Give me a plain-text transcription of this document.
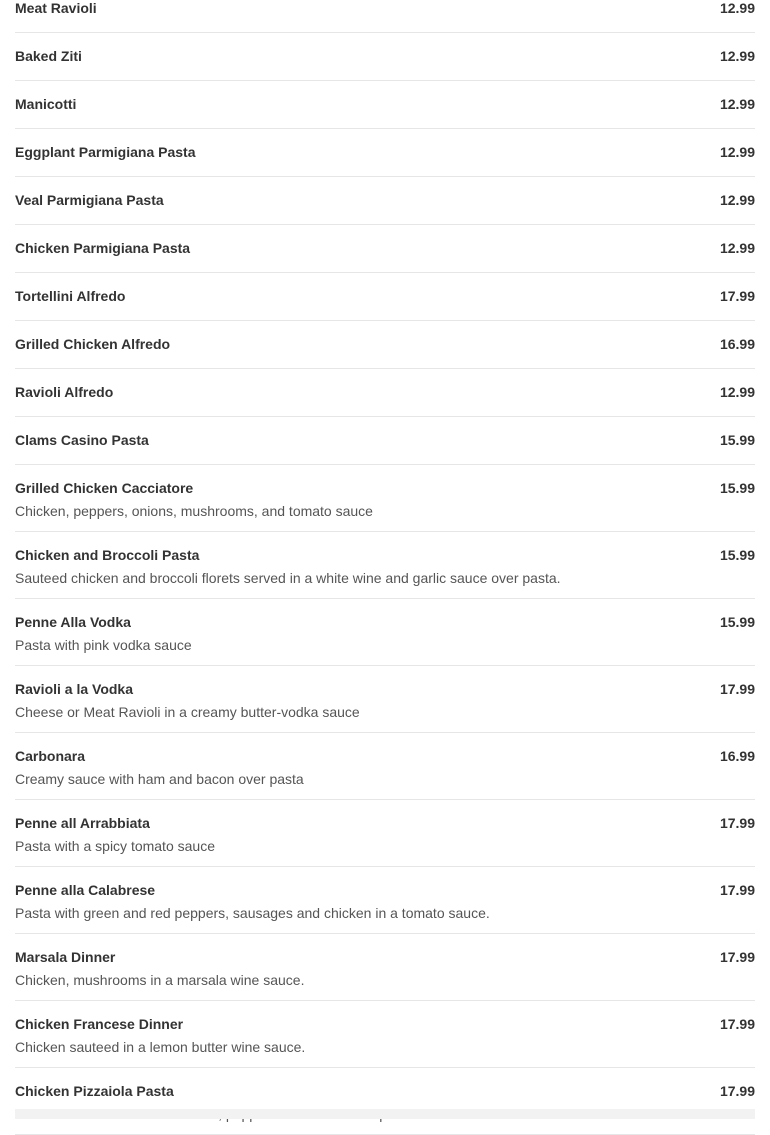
Meat Ravioli	12.99
Baked Ziti	12.99
Manicotti	12.99
Eggplant Parmigiana Pasta	12.99
Veal Parmigiana Pasta	12.99
Chicken Parmigiana Pasta	12.99
Tortellini Alfredo	17.99
Grilled Chicken Alfredo	16.99
Ravioli Alfredo	12.99
Clams Casino Pasta	15.99
Grilled Chicken Cacciatore	15.99
Chicken, peppers, onions, mushrooms, and tomato sauce
Chicken and Broccoli Pasta	15.99
Sauteed chicken and broccoli florets served in a white wine and garlic sauce over pasta.
Penne Alla Vodka	15.99
Pasta with pink vodka sauce
Ravioli a la Vodka	17.99
Cheese or Meat Ravioli in a creamy butter-vodka sauce
Carbonara	16.99
Creamy sauce with ham and bacon over pasta
Penne all Arrabbiata	17.99
Pasta with a spicy tomato sauce
Penne alla Calabrese	17.99
Pasta with green and red peppers, sausages and chicken in a tomato sauce.
Marsala Dinner	17.99
Chicken, mushrooms in a marsala wine sauce.
Chicken Francese Dinner	17.99
Chicken sauteed in a lemon butter wine sauce.
Chicken Pizzaiola Pasta	17.99
